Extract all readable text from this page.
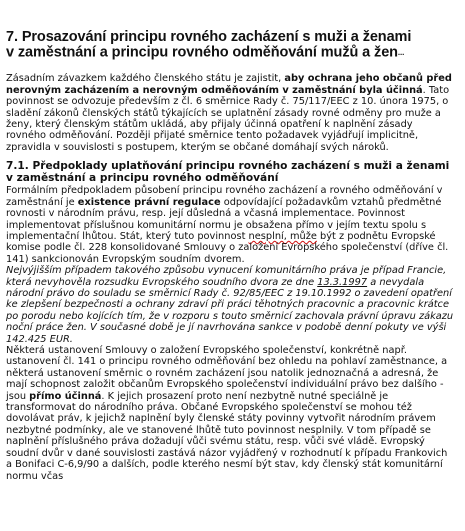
7. Prosazování principu rovného zacházení s muži a ženami
v zaměstnání a principu rovného odměňování mužů a žen...

Zásadním závazkem každého členského státu je zajistit, aby ochrana jeho občanů před nerovným zacházením a nerovným odměňováním v zaměstnání byla účinná. Tato povinnost se odvozuje především z čl. 6 směrnice Rady č. 75/117/EEC z 10. února 1975, o sladění zákonů členských států týkajících se uplatnění zásady rovné odměny pro muže a ženy, který členským státům ukládá, aby přijaly účinná opatření k naplnění zásady rovného odměňování. Později přijaté směrnice tento požadavek vyjádřují implicitně, zpravidla v souvislosti s postupem, kterým se občané domáhají svých nároků.

7.1. Předpoklady uplatňování principu rovného zacházení s muži a ženami v zaměstnání a principu rovného odměňování

Formálním předpokladem působení principu rovného zacházení a rovného odměňování v zaměstnání je existence právní regulace odpovídající požadavkům vztahů předmětné rovnosti v národním právu, resp. její důsledná a včasná implementace. Povinnost implementovat příslušnou komunitární normu je obsažena přímo v jejím textu spolu s implementační lhůtou. Stát, který tuto povinnost nesplní, může být z podnětu Evropské komise podle čl. 228 konsolidované Smlouvy o založení Evropského společenství (dříve čl. 141) sankcionován Evropským soudním dvorem.

Nejvýjišším případem takového způsobu vynucení komunitárního práva je případ Francie, která nevyhověla rozsudku Evropského soudního dvora ze dne 13.3.1997 a nevydala národní právo do souladu se směrnicí Rady č. 92/85/EEC z 19.10.1992 o zavedení opatření ke zlepšení bezpečnosti a ochrany zdraví při práci těhotných pracovnic a pracovnic krátce po porodu nebo kojících tím, že v rozporu s touto směrnicí zachovala právní úpravu zákazu noční práce žen. V současné době je jí navrhována sankce v podobě denní pokuty ve výši 142.425 EUR.

Některá ustanovení Smlouvy o založení Evropského společenství, konkrétně např. ustanovení čl. 141 o principu rovného odměňování bez ohledu na pohlaví zaměstnance, a některá ustanovení směrnic o rovném zacházení jsou natolik jednoznačná a adresná, že mají schopnost založit občanům Evropského společenství individuální právo bez dalšího - jsou přímo účinná. K jejich prosazení proto není nezbytně nutné speciálně je transformovat do národního práva. Občané Evropského společenství se mohou též dovolávat práv, k jejichž naplnění byly členské státy povinny vytvořit národním právem nezbytné podmínky, ale ve stanovené lhůtě tuto povinnost nesplnily. V tom případě se naplnění příslušného práva dožadují vůči svému státu, resp. vůči své vládě. Evropský soudní dvůr v dané souvislosti zastává názor vyjádřený v rozhodnutí k případu Frankovich a Bonifaci C-6,9/90 a dalších, podle kterého nesmí být stav, kdy členský stát komunitární normu včas
